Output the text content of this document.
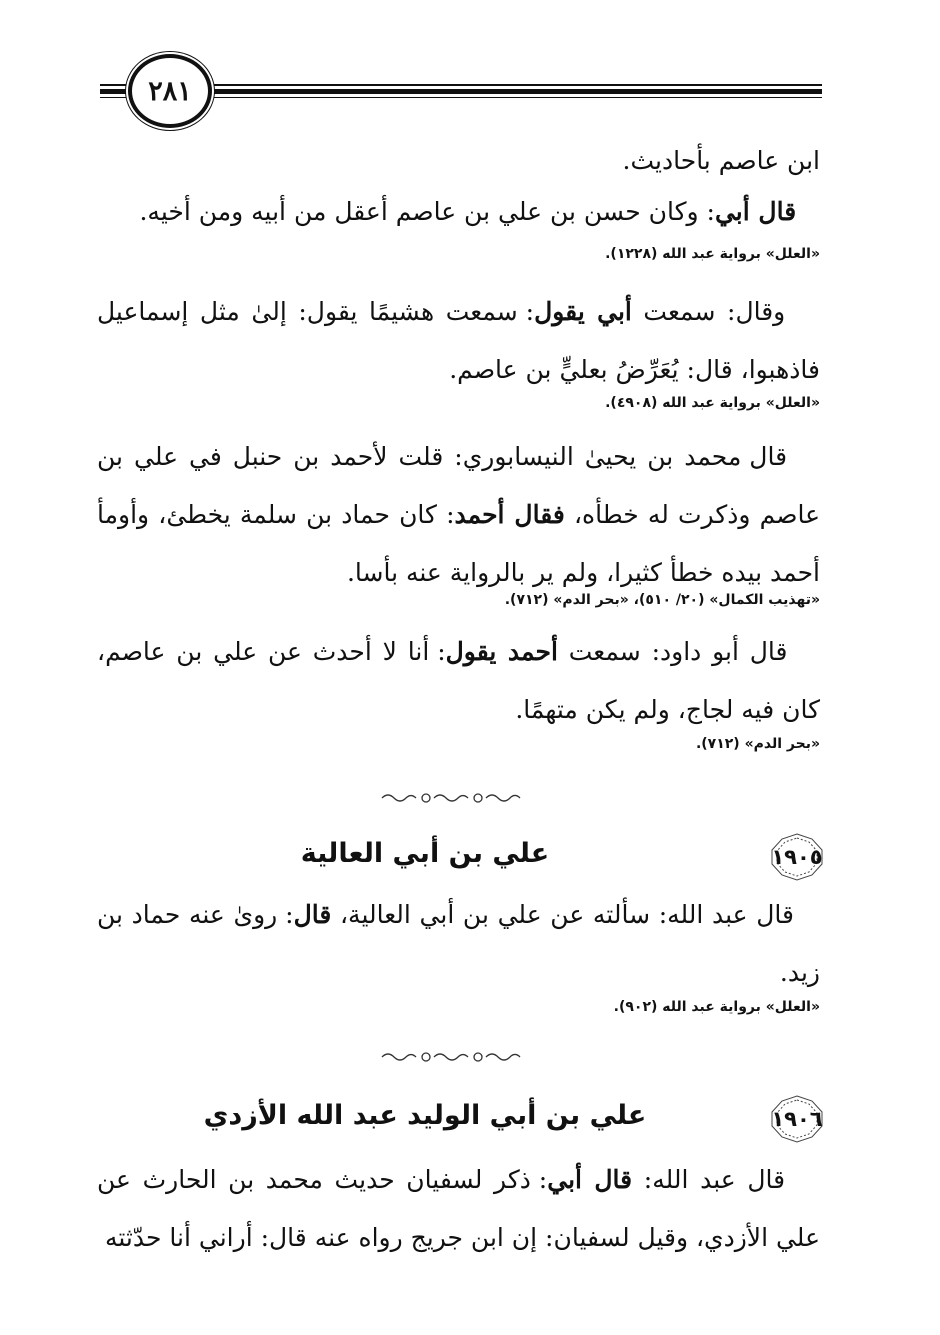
٢٨١
ابن عاصم بأحاديث.
قال أبي: وكان حسن بن علي بن عاصم أعقل من أبيه ومن أخيه.
«العلل» برواية عبد الله (١٢٢٨).
وقال: سمعت أبي يقول: سمعت هشيمًا يقول: إلىٰ مثل إسماعيل فاذهبوا، قال: يُعَرِّضُ بعليٍّ بن عاصم.
«العلل» برواية عبد الله (٤٩٠٨).
قال محمد بن يحيىٰ النيسابوري: قلت لأحمد بن حنبل في علي بن عاصم وذكرت له خطأه، فقال أحمد: كان حماد بن سلمة يخطئ، وأومأ أحمد بيده خطأ كثيرا، ولم ير بالرواية عنه بأسا.
«تهذيب الكمال» (٢٠/ ٥١٠)، «بحر الدم» (٧١٢).
قال أبو داود: سمعت أحمد يقول: أنا لا أحدث عن علي بن عاصم، كان فيه لجاج، ولم يكن متهمًا.
«بحر الدم» (٧١٢).
١٩٠٥
علي بن أبي العالية
قال عبد الله: سألته عن علي بن أبي العالية، قال: روىٰ عنه حماد بن زيد.
«العلل» برواية عبد الله (٩٠٢).
١٩٠٦
علي بن أبي الوليد عبد الله الأزدي
قال عبد الله: قال أبي: ذكر لسفيان حديث محمد بن الحارث عن علي الأزدي، وقيل لسفيان: إن ابن جريج رواه عنه قال: أراني أنا حدّثته
